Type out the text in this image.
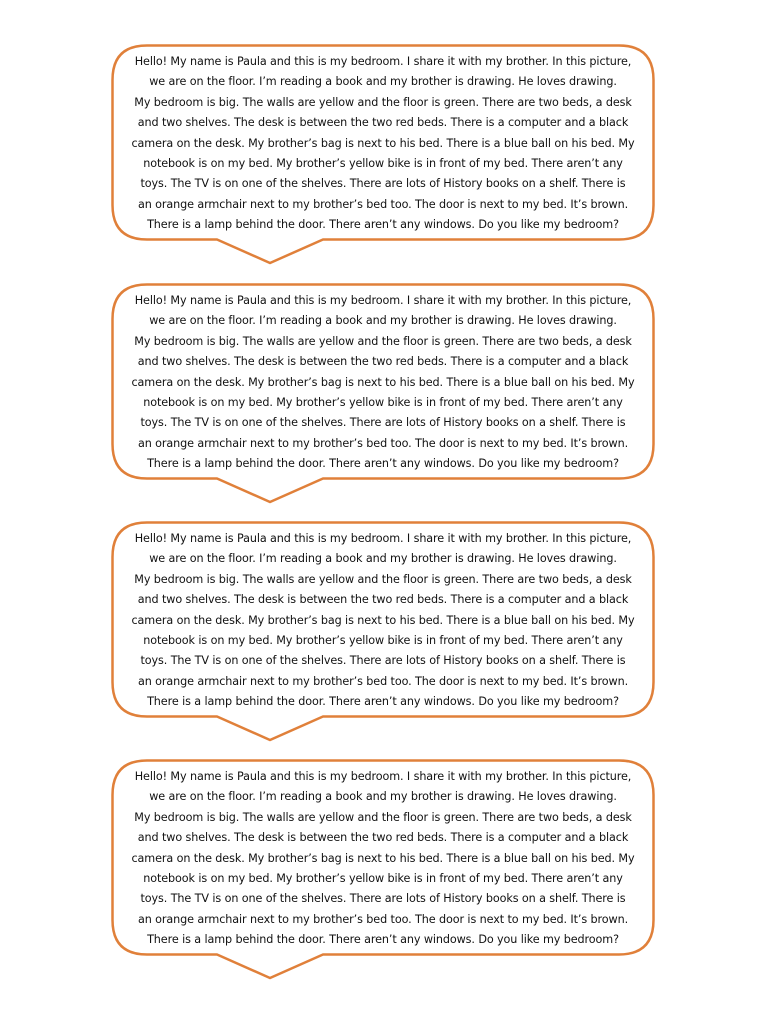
Hello! My name is Paula and this is my bedroom. I share it with my brother. In this picture,
we are on the floor. I’m reading a book and my brother is drawing. He loves drawing.
My bedroom is big. The walls are yellow and the floor is green. There are two beds, a desk
and two shelves. The desk is between the two red beds. There is a computer and a black
camera on the desk. My brother’s bag is next to his bed. There is a blue ball on his bed. My
notebook is on my bed. My brother’s yellow bike is in front of my bed. There aren’t any
toys. The TV is on one of the shelves. There are lots of History books on a shelf. There is
an orange armchair next to my brother’s bed too. The door is next to my bed. It’s brown.
There is a lamp behind the door. There aren’t any windows. Do you like my bedroom?
Hello! My name is Paula and this is my bedroom. I share it with my brother. In this picture,
we are on the floor. I’m reading a book and my brother is drawing. He loves drawing.
My bedroom is big. The walls are yellow and the floor is green. There are two beds, a desk
and two shelves. The desk is between the two red beds. There is a computer and a black
camera on the desk. My brother’s bag is next to his bed. There is a blue ball on his bed. My
notebook is on my bed. My brother’s yellow bike is in front of my bed. There aren’t any
toys. The TV is on one of the shelves. There are lots of History books on a shelf. There is
an orange armchair next to my brother’s bed too. The door is next to my bed. It’s brown.
There is a lamp behind the door. There aren’t any windows. Do you like my bedroom?
Hello! My name is Paula and this is my bedroom. I share it with my brother. In this picture,
we are on the floor. I’m reading a book and my brother is drawing. He loves drawing.
My bedroom is big. The walls are yellow and the floor is green. There are two beds, a desk
and two shelves. The desk is between the two red beds. There is a computer and a black
camera on the desk. My brother’s bag is next to his bed. There is a blue ball on his bed. My
notebook is on my bed. My brother’s yellow bike is in front of my bed. There aren’t any
toys. The TV is on one of the shelves. There are lots of History books on a shelf. There is
an orange armchair next to my brother’s bed too. The door is next to my bed. It’s brown.
There is a lamp behind the door. There aren’t any windows. Do you like my bedroom?
Hello! My name is Paula and this is my bedroom. I share it with my brother. In this picture,
we are on the floor. I’m reading a book and my brother is drawing. He loves drawing.
My bedroom is big. The walls are yellow and the floor is green. There are two beds, a desk
and two shelves. The desk is between the two red beds. There is a computer and a black
camera on the desk. My brother’s bag is next to his bed. There is a blue ball on his bed. My
notebook is on my bed. My brother’s yellow bike is in front of my bed. There aren’t any
toys. The TV is on one of the shelves. There are lots of History books on a shelf. There is
an orange armchair next to my brother’s bed too. The door is next to my bed. It’s brown.
There is a lamp behind the door. There aren’t any windows. Do you like my bedroom?
